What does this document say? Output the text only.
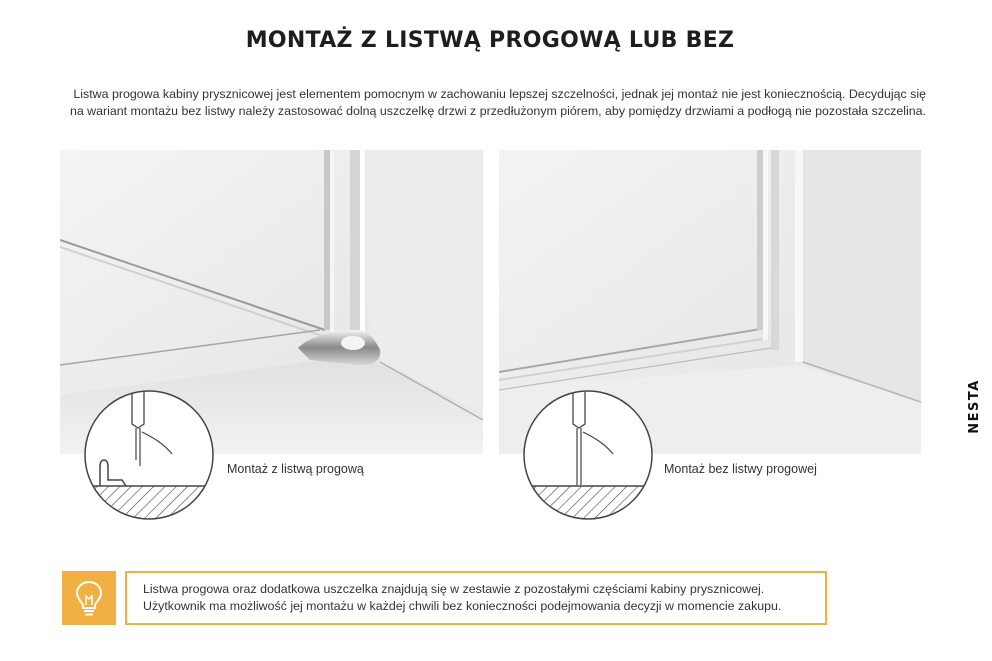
MONTAŻ Z LISTWĄ PROGOWĄ LUB BEZ
Listwa progowa kabiny prysznicowej jest elementem pomocnym w zachowaniu lepszej szczelności, jednak jej montaż nie jest koniecznością. Decydując się
na wariant montażu bez listwy należy zastosować dolną uszczelkę drzwi z przedłużonym piórem, aby pomiędzy drzwiami a podłogą nie pozostała szczelina.
Montaż z listwą progową	Montaż bez listwy progowej
NESTA
Listwa progowa oraz dodatkowa uszczelka znajdują się w zestawie z pozostałymi częściami kabiny prysznicowej.
Użytkownik ma możliwość jej montażu w każdej chwili bez konieczności podejmowania decyzji w momencie zakupu.
